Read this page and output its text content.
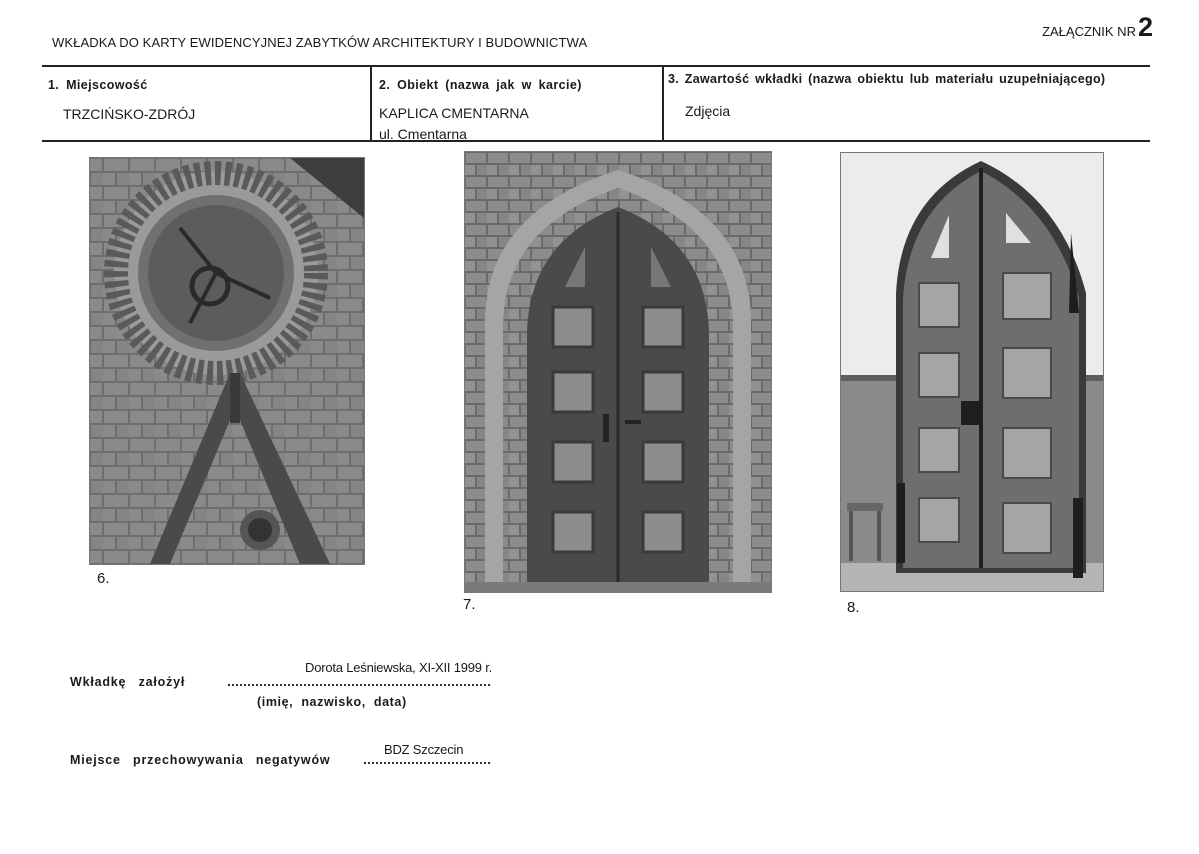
WKŁADKA DO KARTY EWIDENCYJNEJ ZABYTKÓW ARCHITEKTURY I BUDOWNICTWA
ZAŁĄCZNIK NR2
1. Miejscowość
TRZCIŃSKO-ZDRÓJ
2. Obiekt (nazwa jak w karcie)
KAPLICA CMENTARNA
ul. Cmentarna
3. Zawartość wkładki (nazwa obiektu lub materiału uzupełniającego)
Zdjęcia
6.
7.	8.
Wkładkę założył
Dorota Leśniewska, XI-XII 1999 r.
(imię, nazwisko, data)
Miejsce przechowywania negatywów
BDZ Szczecin
